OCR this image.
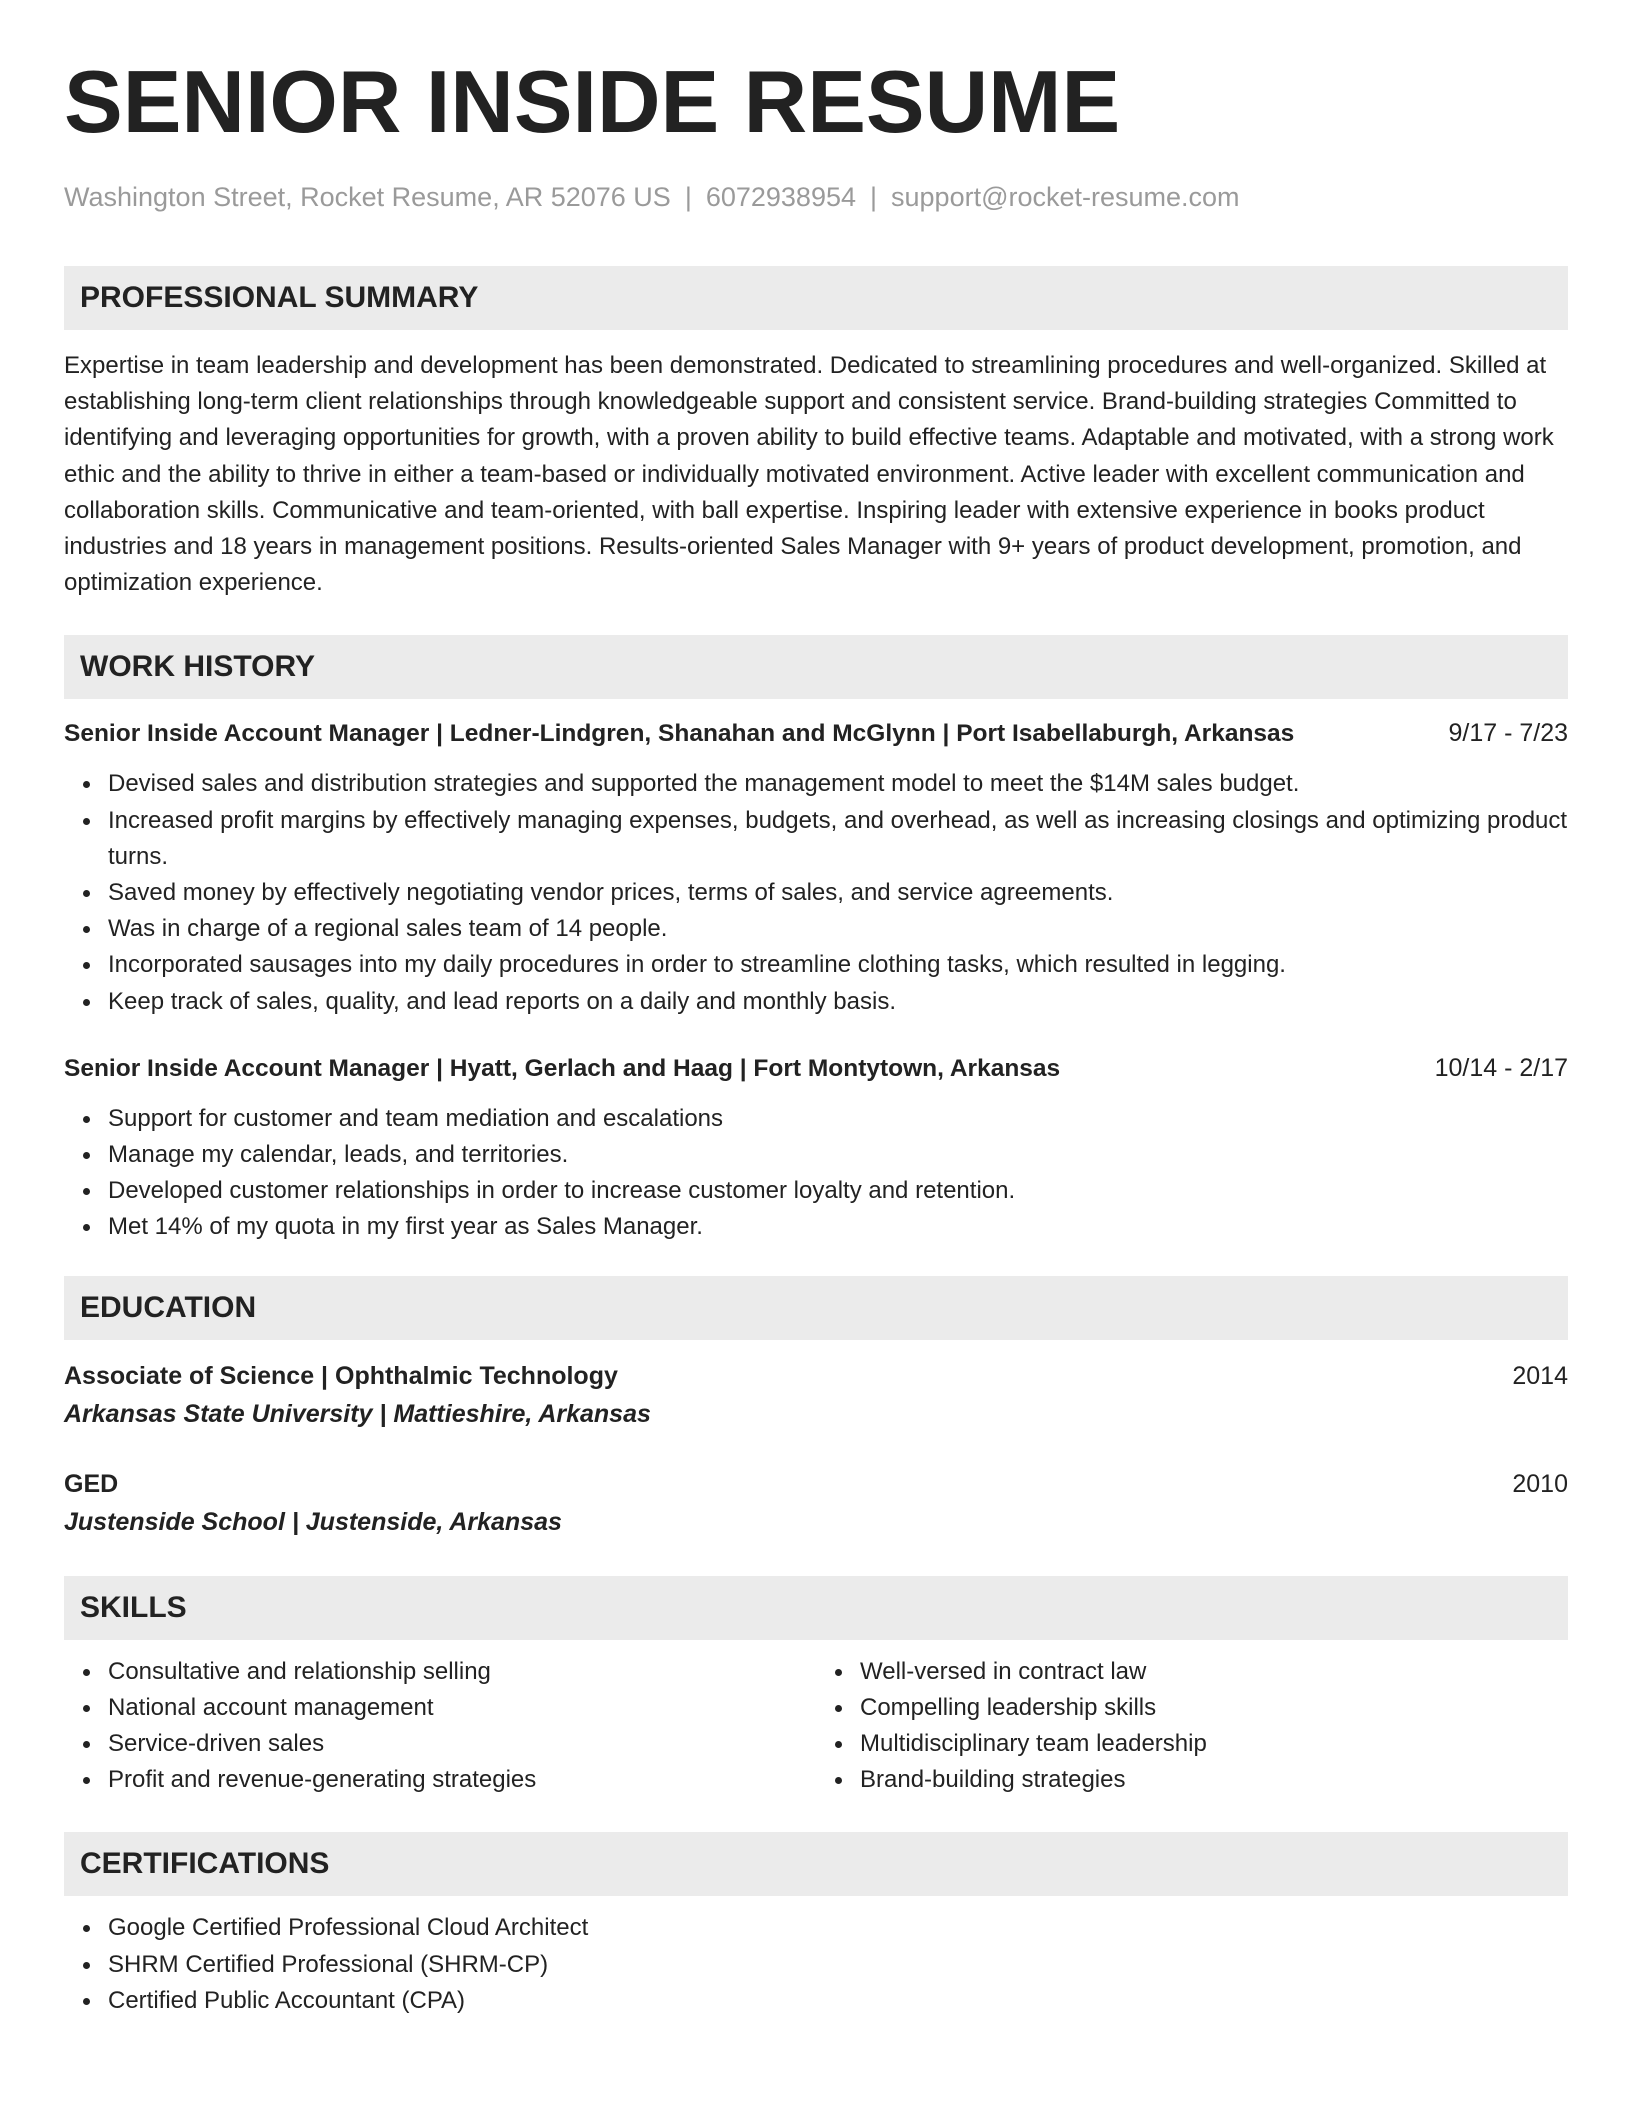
SENIOR INSIDE RESUME
Washington Street, Rocket Resume, AR 52076 US | 6072938954 | support@rocket-resume.com
PROFESSIONAL SUMMARY

Expertise in team leadership and development has been demonstrated. Dedicated to streamlining procedures and well-organized. Skilled at establishing long-term client relationships through knowledgeable support and consistent service. Brand-building strategies Committed to identifying and leveraging opportunities for growth, with a proven ability to build effective teams. Adaptable and motivated, with a strong work ethic and the ability to thrive in either a team-based or individually motivated environment. Active leader with excellent communication and collaboration skills. Communicative and team-oriented, with ball expertise. Inspiring leader with extensive experience in books product industries and 18 years in management positions. Results-oriented Sales Manager with 9+ years of product development, promotion, and optimization experience.

WORK HISTORY
Senior Inside Account Manager | Ledner-Lindgren, Shanahan and McGlynn | Port Isabellaburgh, Arkansas	9/17 - 7/23
Devised sales and distribution strategies and supported the management model to meet the $14M sales budget.
Increased profit margins by effectively managing expenses, budgets, and overhead, as well as increasing closings and optimizing product turns.
Saved money by effectively negotiating vendor prices, terms of sales, and service agreements.
Was in charge of a regional sales team of 14 people.
Incorporated sausages into my daily procedures in order to streamline clothing tasks, which resulted in legging.
Keep track of sales, quality, and lead reports on a daily and monthly basis.
Senior Inside Account Manager | Hyatt, Gerlach and Haag | Fort Montytown, Arkansas	10/14 - 2/17
Support for customer and team mediation and escalations
Manage my calendar, leads, and territories.
Developed customer relationships in order to increase customer loyalty and retention.
Met 14% of my quota in my first year as Sales Manager.
EDUCATION
Associate of Science | Ophthalmic Technology	2014
Arkansas State University | Mattieshire, Arkansas
GED	2010
Justenside School | Justenside, Arkansas
SKILLS
Consultative and relationship selling
National account management
Service-driven sales
Profit and revenue-generating strategies
Well-versed in contract law
Compelling leadership skills
Multidisciplinary team leadership
Brand-building strategies
CERTIFICATIONS
Google Certified Professional Cloud Architect
SHRM Certified Professional (SHRM-CP)
Certified Public Accountant (CPA)
